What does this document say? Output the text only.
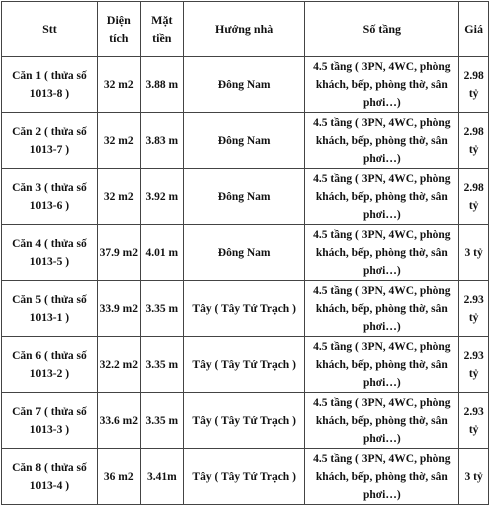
Stt	Diện tích	Mặt tiền	Hướng nhà	Số tầng	Giá
Căn 1 ( thửa số 1013-8 )	32 m2	3.88 m	Đông Nam	4.5 tầng ( 3PN, 4WC, phòng khách, bếp, phòng thờ, sân phơi…)	2.98 tỷ
Căn 2 ( thửa số 1013-7 )	32 m2	3.83 m	Đông Nam	4.5 tầng ( 3PN, 4WC, phòng khách, bếp, phòng thờ, sân phơi…)	2.98 tỷ
Căn 3 ( thửa số 1013-6 )	32 m2	3.92 m	Đông Nam	4.5 tầng ( 3PN, 4WC, phòng khách, bếp, phòng thờ, sân phơi…)	2.98 tỷ
Căn 4 ( thửa số 1013-5 )	37.9 m2	4.01 m	Đông Nam	4.5 tầng ( 3PN, 4WC, phòng khách, bếp, phòng thờ, sân phơi…)	3 tỷ
Căn 5 ( thửa số 1013-1 )	33.9 m2	3.35 m	Tây ( Tây Tứ Trạch )	4.5 tầng ( 3PN, 4WC, phòng khách, bếp, phòng thờ, sân phơi…)	2.93 tỷ
Căn 6 ( thửa số 1013-2 )	32.2 m2	3.35 m	Tây ( Tây Tứ Trạch )	4.5 tầng ( 3PN, 4WC, phòng khách, bếp, phòng thờ, sân phơi…)	2.93 tỷ
Căn 7 ( thửa số 1013-3 )	33.6 m2	3.35 m	Tây ( Tây Tứ Trạch )	4.5 tầng ( 3PN, 4WC, phòng khách, bếp, phòng thờ, sân phơi…)	2.93 tỷ
Căn 8 ( thửa số 1013-4 )	36 m2	3.41m	Tây ( Tây Tứ Trạch )	4.5 tầng ( 3PN, 4WC, phòng khách, bếp, phòng thờ, sân phơi…)	3 tỷ
